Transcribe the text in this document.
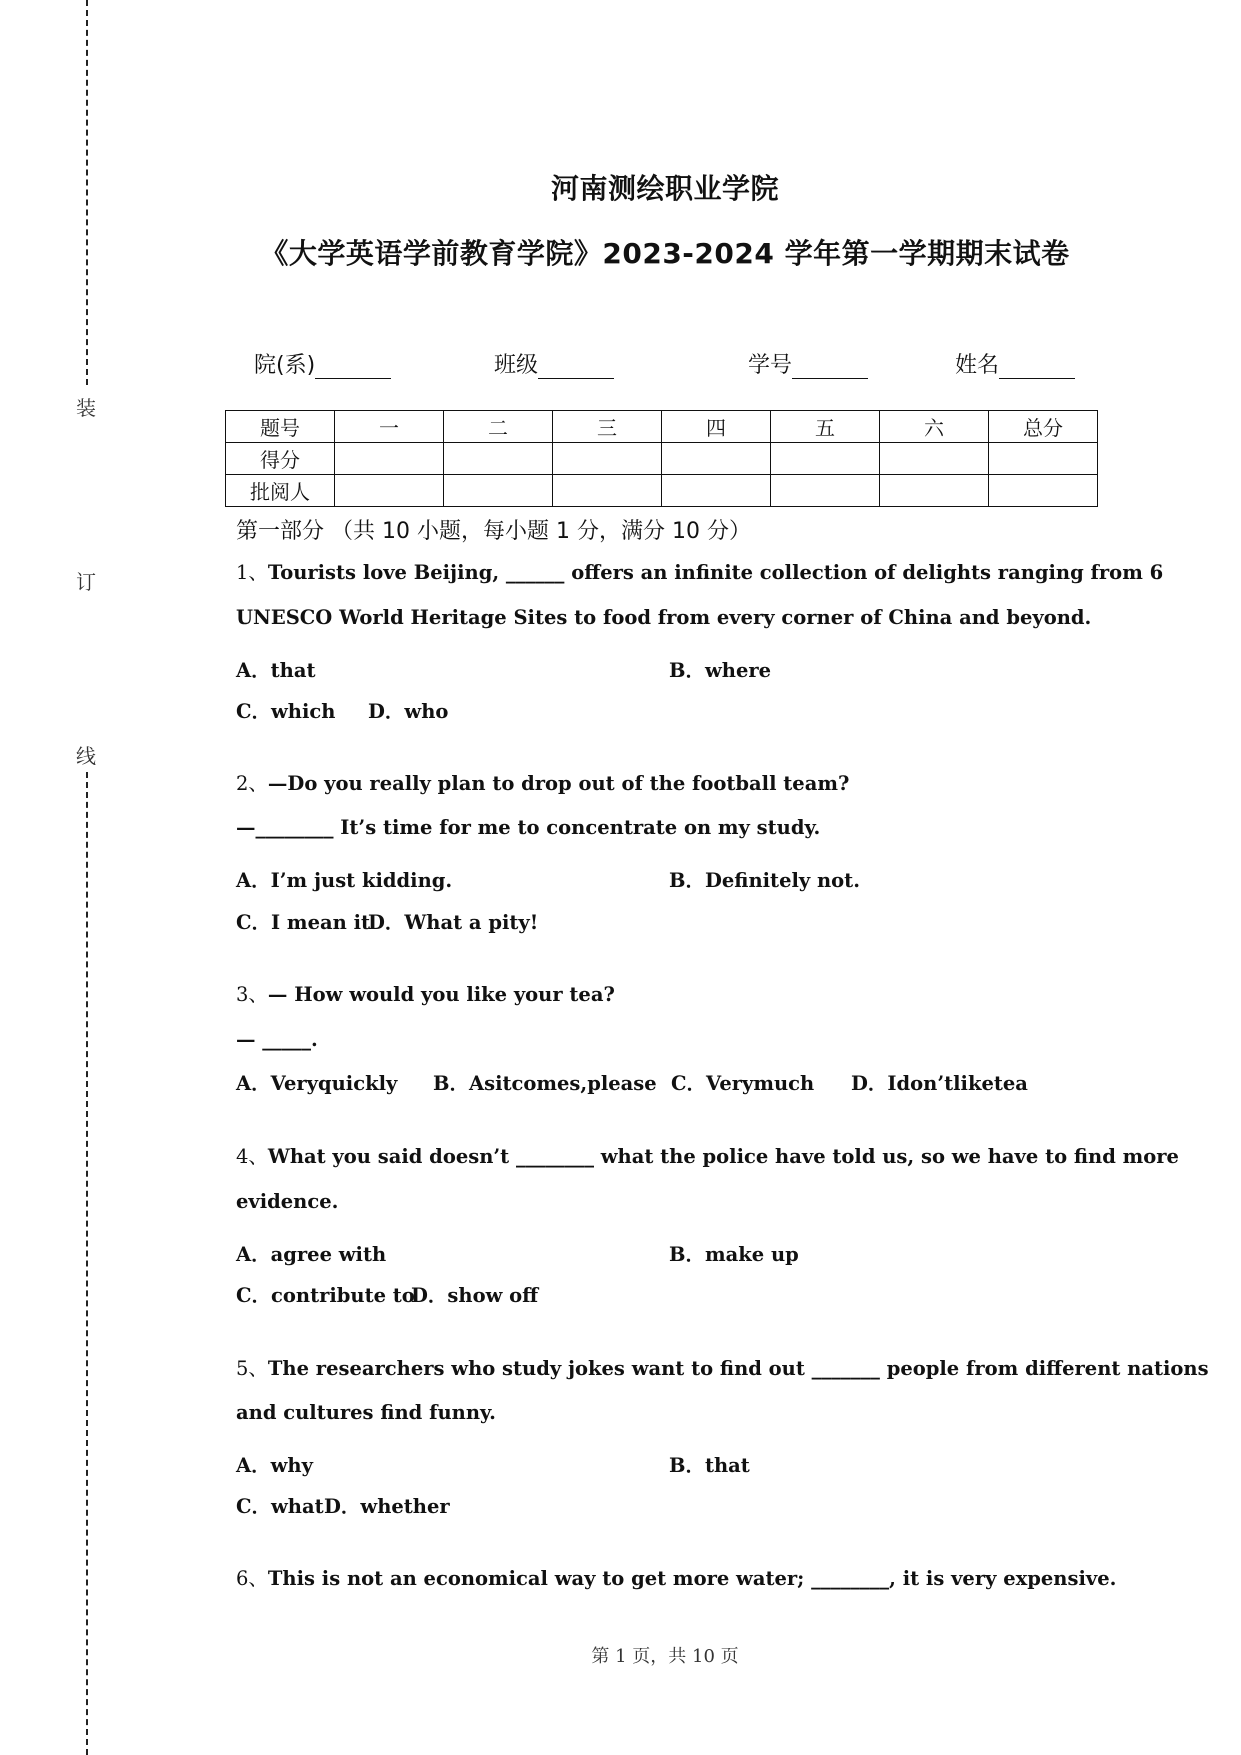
装
订
线
河南测绘职业学院
《大学英语学前教育学院》2023-2024 学年第一学期期末试卷
院(系)	班级	学号	姓名
题号	一	二	三	四	五	六	总分
得分							
批阅人							
第一部分 （共 10 小题，每小题 1 分，满分 10 分）
1、Tourists love Beijing, ______ offers an infinite collection of delights ranging from 6
UNESCO World Heritage Sites to food from every corner of China and beyond.
A．that	B．where
C．which D．who
2、—Do you really plan to drop out of the football team?
—________ It’s time for me to concentrate on my study.
A．I’m just kidding.	B．Definitely not.
C．I mean it
D．What a pity!
3、— How would you like your tea?
— _____.
A．Veryquickly B．Asitcomes,please C．Verymuch D．Idon’tliketea
4、What you said doesn’t ________ what the police have told us, so we have to find more
evidence.
A．agree with	B．make up
C．contribute to
D．show off
5、The researchers who study jokes want to find out _______ people from different nations
and cultures find funny.
A．why	B．that
C．what D．whether
6、This is not an economical way to get more water; ________, it is very expensive.
第 1 页，共 10 页
